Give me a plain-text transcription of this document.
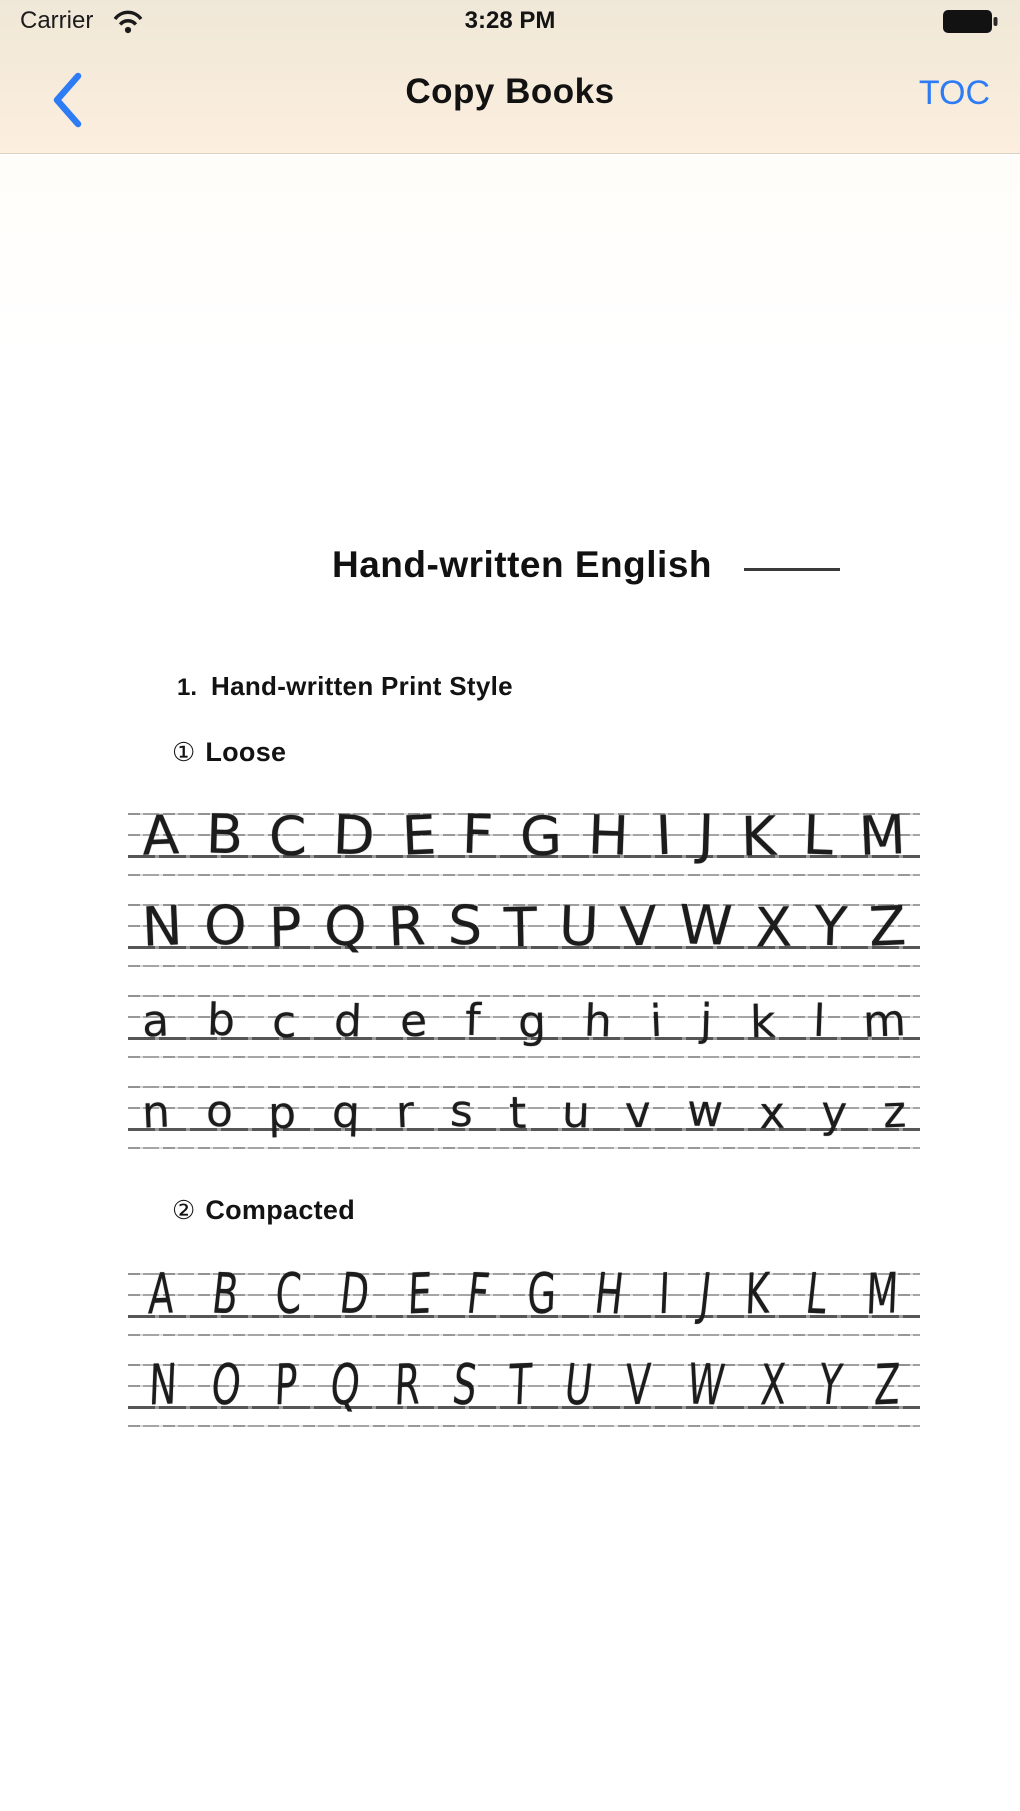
Carrier	3:28 PM
Copy Books	TOC
Hand-written English
1. Hand-written Print Style
① Loose
A B C D E F G H I J K L M
N O P Q R S T U V W X Y Z
a b c d e f g h i j k l m
n o p q r s t u v w x y z
② Compacted
A B C D E F G H I J K L M
N O P Q R S T U V W X Y Z
